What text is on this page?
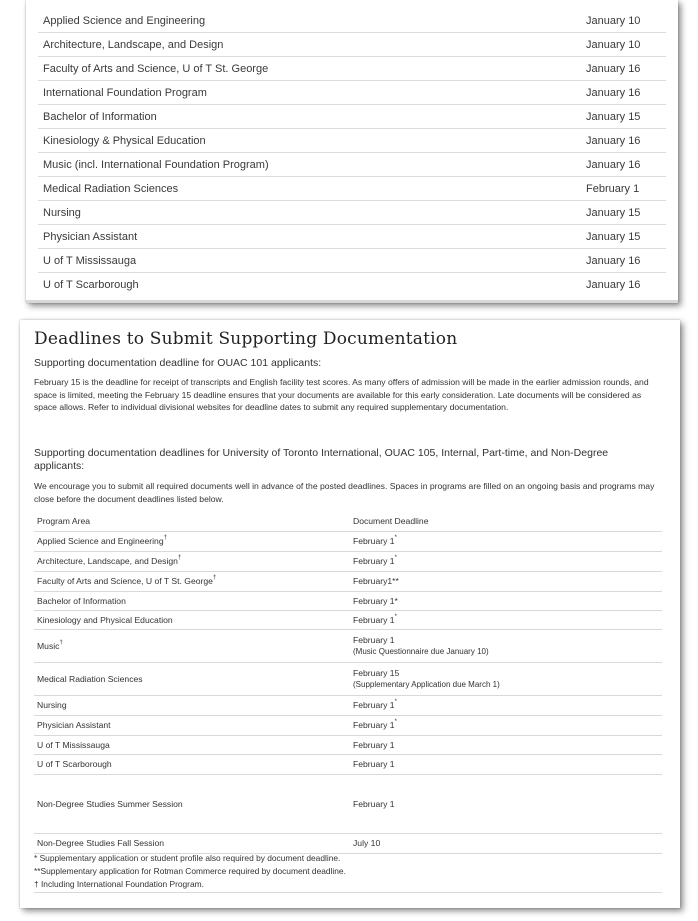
Applied Science and Engineering	January 10
Architecture, Landscape, and Design	January 10
Faculty of Arts and Science, U of T St. George	January 16
International Foundation Program	January 16
Bachelor of Information	January 15
Kinesiology & Physical Education	January 16
Music (incl. International Foundation Program)	January 16
Medical Radiation Sciences	February 1
Nursing	January 15
Physician Assistant	January 15
U of T Mississauga	January 16
U of T Scarborough	January 16
Deadlines to Submit Supporting Documentation

Supporting documentation deadline for OUAC 101 applicants:

February 15 is the deadline for receipt of transcripts and English facility test scores. As many offers of admission will be made in the earlier admission rounds, and space is limited, meeting the February 15 deadline ensures that your documents are available for this early consideration. Late documents will be considered as space allows. Refer to individual divisional websites for deadline dates to submit any required supplementary documentation.

Supporting documentation deadlines for University of Toronto International, OUAC 105, Internal, Part-time, and Non-Degree applicants:

We encourage you to submit all required documents well in advance of the posted deadlines. Spaces in programs are filled on an ongoing basis and programs may close before the document deadlines listed below.

Program Area	Document Deadline
Applied Science and Engineering†	February 1*
Architecture, Landscape, and Design†	February 1*
Faculty of Arts and Science, U of T St. George†	February1**
Bachelor of Information	February 1*
Kinesiology and Physical Education	February 1*
Music†	February 1
(Music Questionnaire due January 10)

Medical Radiation Sciences	February 15
(Supplementary Application due March 1)

Nursing	February 1*
Physician Assistant	February 1*
U of T Mississauga	February 1
U of T Scarborough	February 1
Non-Degree Studies Summer Session	February 1
Non-Degree Studies Fall Session	July 10
* Supplementary application or student profile also required by document deadline.
**Supplementary application for Rotman Commerce required by document deadline.
† Including International Foundation Program.
